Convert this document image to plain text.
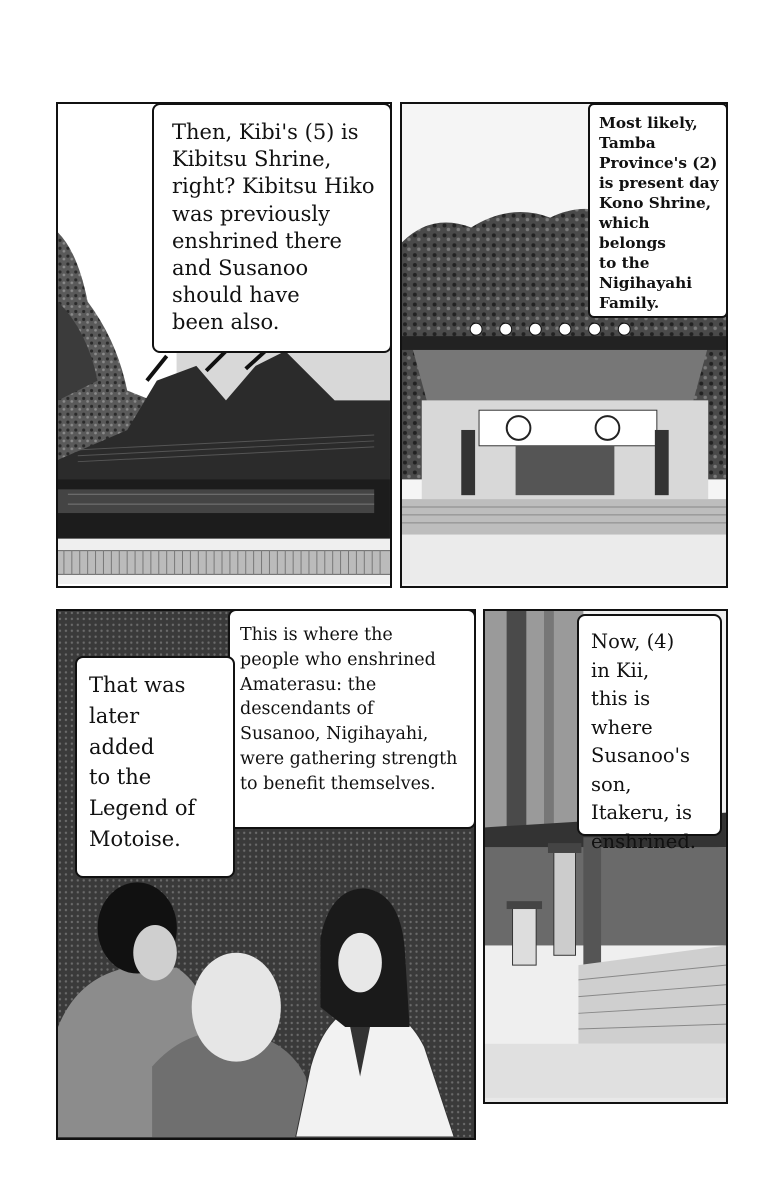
Then, Kibi's (5) is
Kibitsu Shrine,
right? Kibitsu Hiko
was previously
enshrined there
and Susanoo
should have
been also.
Most likely,
Tamba
Province's (2)
is present day
Kono Shrine,
which belongs
to the
Nigihayahi
Family.
This is where the
people who enshrined
Amaterasu: the
descendants of
Susanoo, Nigihayahi,
were gathering strength
to benefit themselves.
That was
later
added
to the
Legend of
Motoise.
Now, (4)
in Kii,
this is where
Susanoo's
son,
Itakeru, is
enshrined.
